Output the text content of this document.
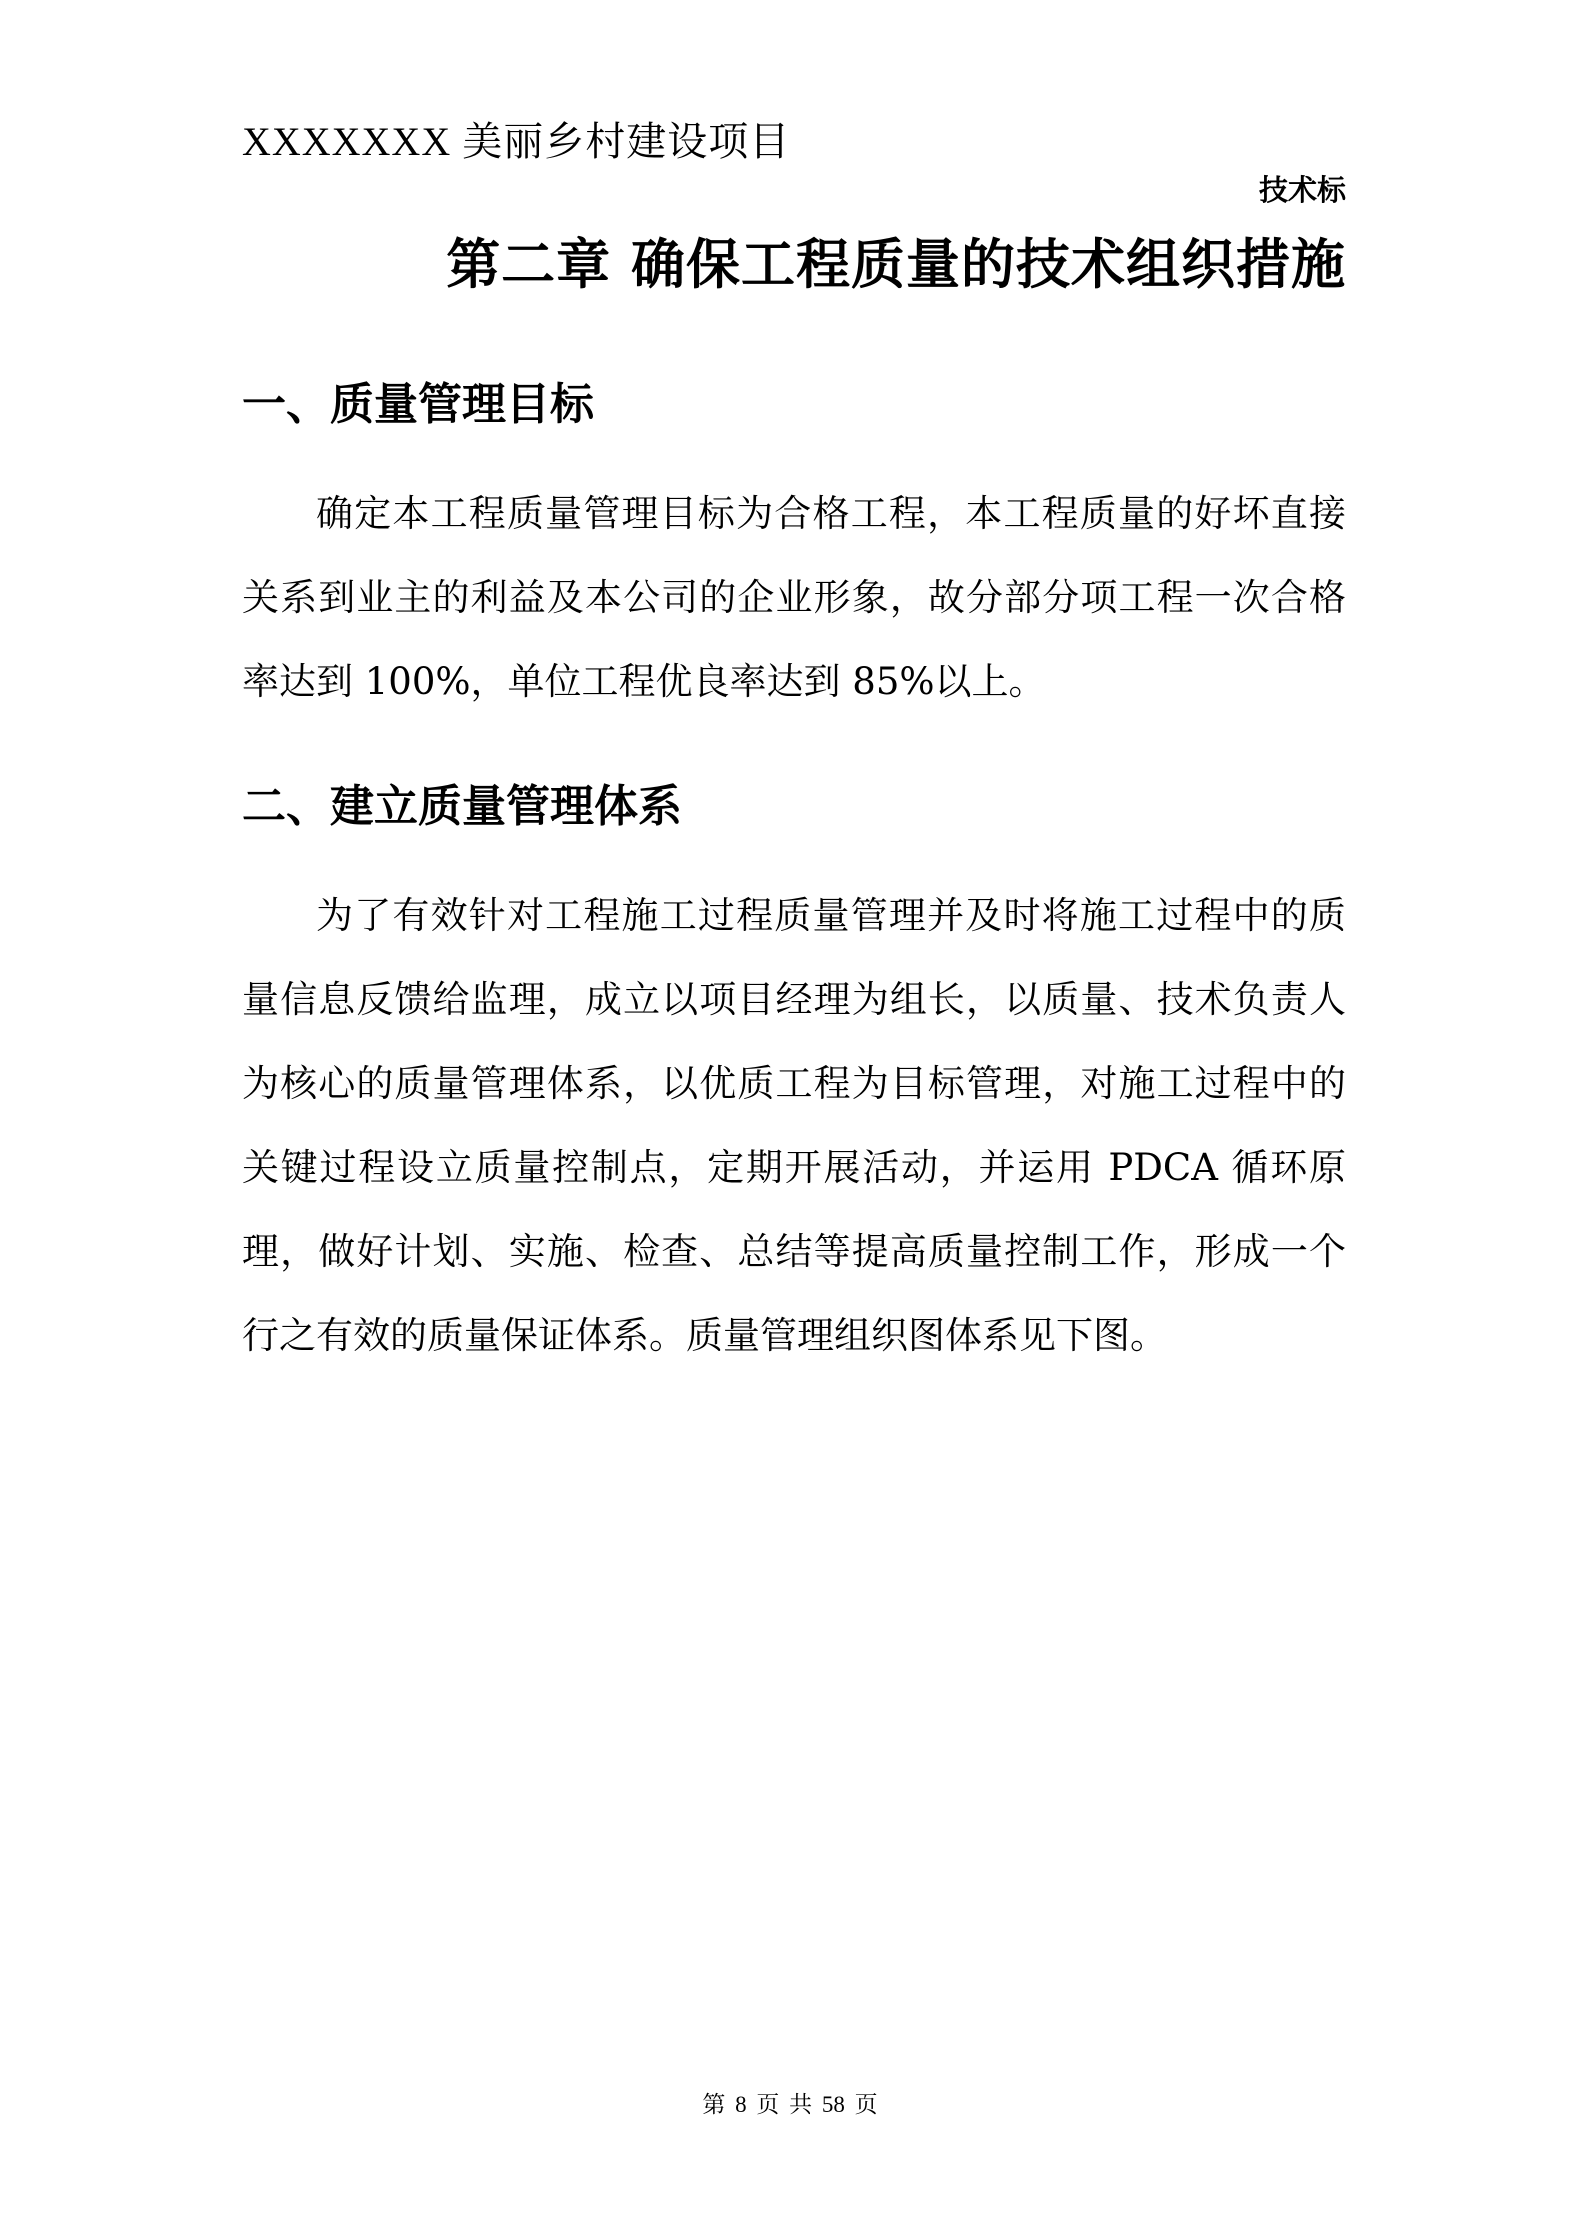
XXXXXXX 美丽乡村建设项目
技术标
第二章 确保工程质量的技术组织措施
一、质量管理目标

确定本工程质量管理目标为合格工程，本工程质量的好坏直接关系到业主的利益及本公司的企业形象，故分部分项工程一次合格率达到 100%，单位工程优良率达到 85%以上。

二、建立质量管理体系

为了有效针对工程施工过程质量管理并及时将施工过程中的质量信息反馈给监理，成立以项目经理为组长，以质量、技术负责人为核心的质量管理体系，以优质工程为目标管理，对施工过程中的关键过程设立质量控制点，定期开展活动，并运用 PDCA 循环原理，做好计划、实施、检查、总结等提高质量控制工作，形成一个行之有效的质量保证体系。质量管理组织图体系见下图。

第 8 页 共 58 页
